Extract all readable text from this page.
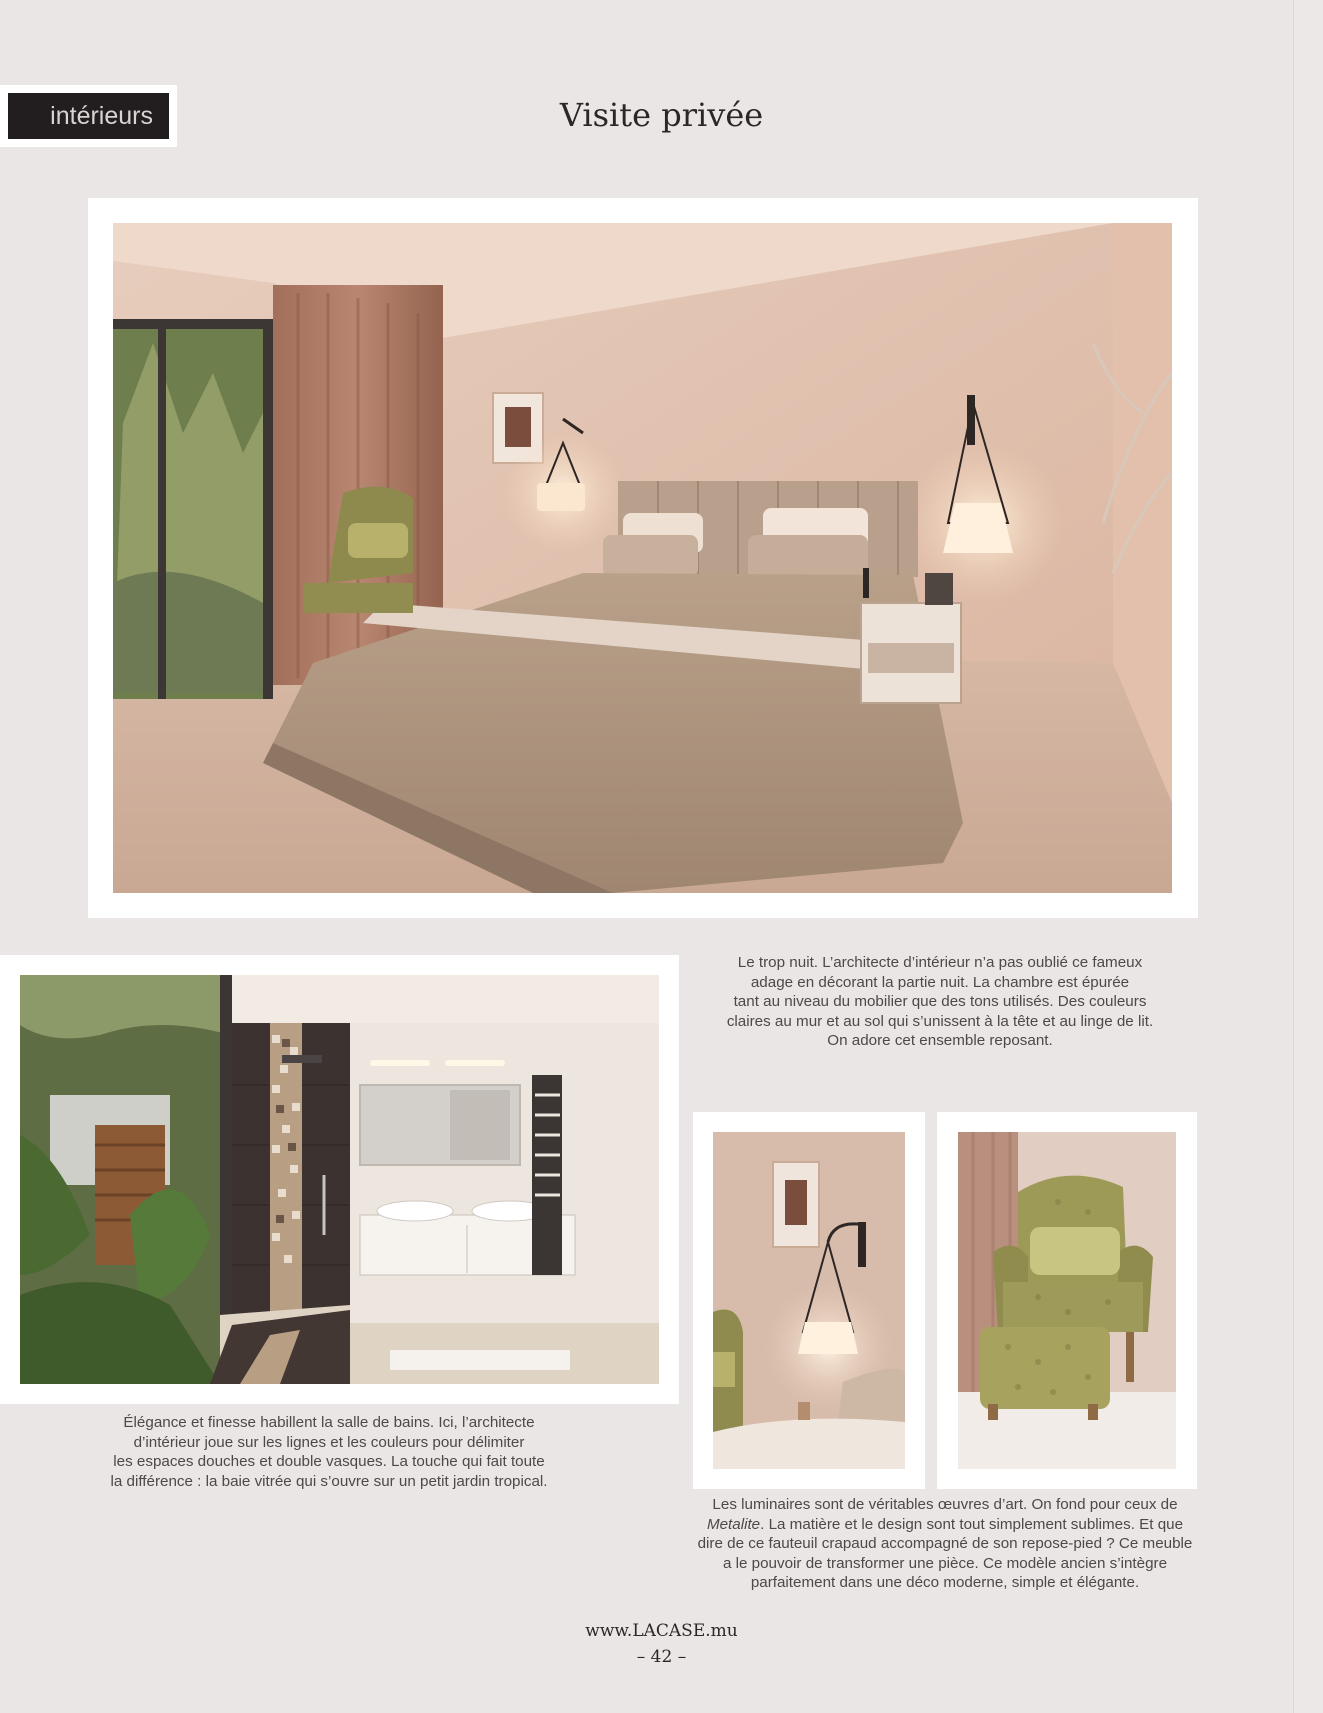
intérieurs	Visite privée

Le trop nuit. L’architecte d’intérieur n’a pas oublié ce fameux

adage en décorant la partie nuit. La chambre est épurée

tant au niveau du mobilier que des tons utilisés. Des couleurs

claires au mur et au sol qui s’unissent à la tête et au linge de lit.

On adore cet ensemble reposant.

Élégance et finesse habillent la salle de bains. Ici, l’architecte

d’intérieur joue sur les lignes et les couleurs pour délimiter

les espaces douches et double vasques. La touche qui fait toute

la différence : la baie vitrée qui s’ouvre sur un petit jardin tropical.

Les luminaires sont de véritables œuvres d’art. On fond pour ceux de

Metalite. La matière et le design sont tout simplement sublimes. Et que

dire de ce fauteuil crapaud accompagné de son repose-pied ? Ce meuble

a le pouvoir de transformer une pièce. Ce modèle ancien s’intègre

parfaitement dans une déco moderne, simple et élégante.

www.LACASE.mu
– 42 –
